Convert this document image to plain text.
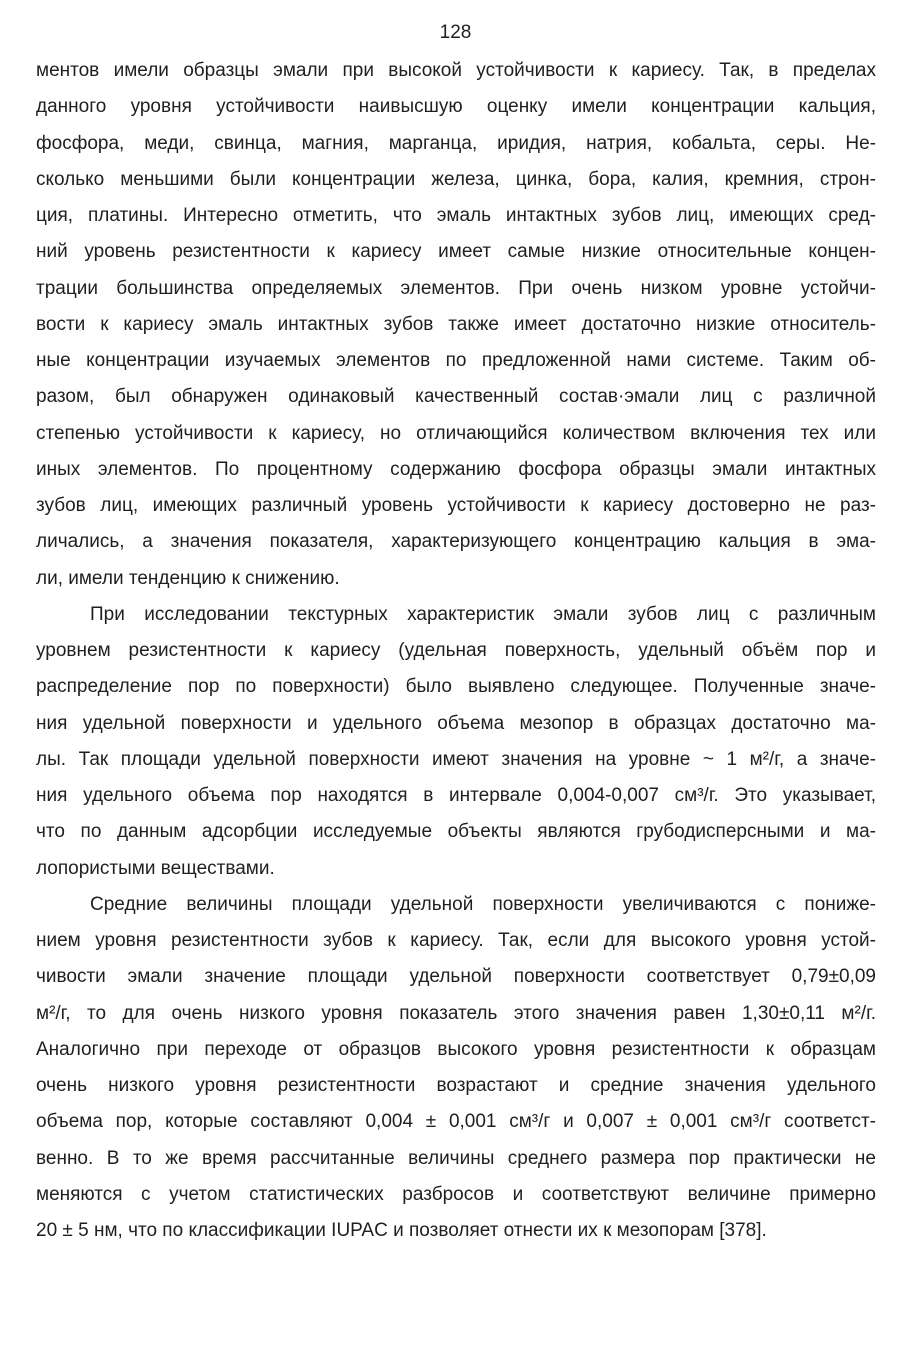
128
ментов имели образцы эмали при высокой устойчивости к кариесу. Так, в пределах
данного уровня устойчивости наивысшую оценку имели концентрации кальция,
фосфора, меди, свинца, магния, марганца, иридия, натрия, кобальта, серы. Не-
сколько меньшими были концентрации железа, цинка, бора, калия, кремния, строн-
ция, платины. Интересно отметить, что эмаль интактных зубов лиц, имеющих сред-
ний уровень резистентности к кариесу имеет самые низкие относительные концен-
трации большинства определяемых элементов. При очень низком уровне устойчи-
вости к кариесу эмаль интактных зубов также имеет достаточно низкие относитель-
ные концентрации изучаемых элементов по предложенной нами системе. Таким об-
разом, был обнаружен одинаковый качественный состав·эмали лиц с различной
степенью устойчивости к кариесу, но отличающийся количеством включения тех или
иных элементов. По процентному содержанию фосфора образцы эмали интактных
зубов лиц, имеющих различный уровень устойчивости к кариесу достоверно не раз-
личались, а значения показателя, характеризующего концентрацию кальция в эма-
ли, имели тенденцию к снижению.
При исследовании текстурных характеристик эмали зубов лиц с различным
уровнем резистентности к кариесу (удельная поверхность, удельный объём пор и
распределение пор по поверхности) было выявлено следующее. Полученные значе-
ния удельной поверхности и удельного объема мезопор в образцах достаточно ма-
лы. Так площади удельной поверхности имеют значения на уровне ~ 1 м²/г, а значе-
ния удельного объема пор находятся в интервале 0,004-0,007 см³/г. Это указывает,
что по данным адсорбции исследуемые объекты являются грубодисперсными и ма-
лопористыми веществами.
Средние величины площади удельной поверхности увеличиваются с пониже-
нием уровня резистентности зубов к кариесу. Так, если для высокого уровня устой-
чивости эмали значение площади удельной поверхности соответствует 0,79±0,09
м²/г, то для очень низкого уровня показатель этого значения равен 1,30±0,11 м²/г.
Аналогично при переходе от образцов высокого уровня резистентности к образцам
очень низкого уровня резистентности возрастают и средние значения удельного
объема пор, которые составляют 0,004 ± 0,001 см³/г и 0,007 ± 0,001 см³/г соответст-
венно. В то же время рассчитанные величины среднего размера пор практически не
меняются с учетом статистических разбросов и соответствуют величине примерно
20 ± 5 нм, что по классификации IUPAC и позволяет отнести их к мезопорам [378].
